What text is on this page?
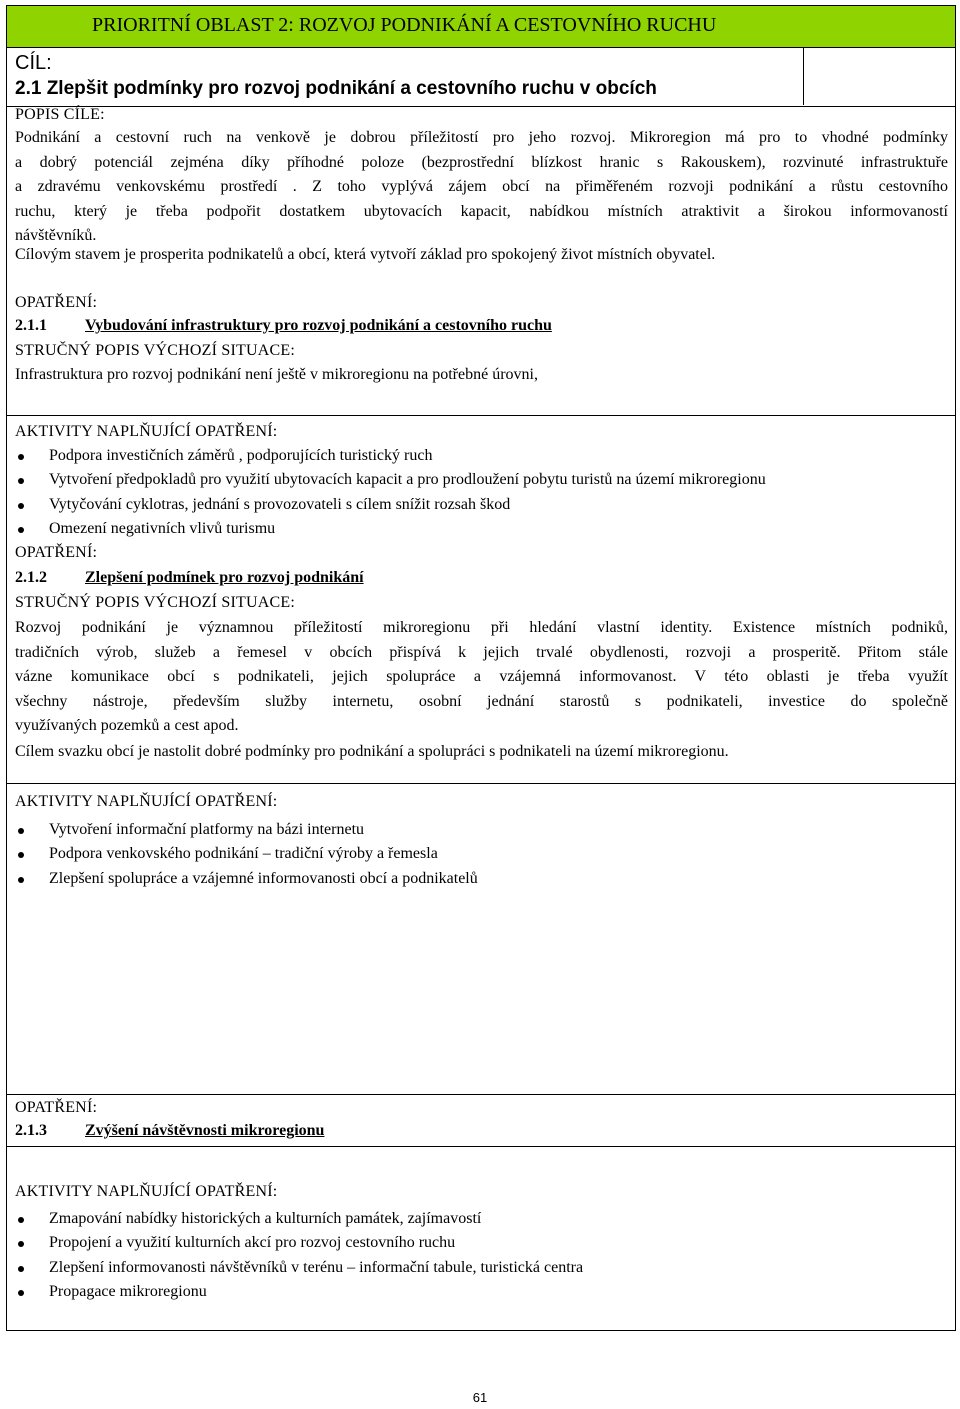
PRIORITNÍ OBLAST 2: ROZVOJ PODNIKÁNÍ A CESTOVNÍHO RUCHU
CÍL:
2.1 Zlepšit podmínky pro rozvoj podnikání a cestovního ruchu v obcích
POPIS CÍLE:
Podnikání a cestovní ruch na venkově je dobrou příležitostí pro jeho rozvoj. Mikroregion má pro to vhodné podmínky
a dobrý potenciál zejména díky příhodné poloze (bezprostřední blízkost hranic s Rakouskem), rozvinuté infrastruktuře
a zdravému venkovskému prostředí . Z toho vyplývá zájem obcí na přiměřeném rozvoji podnikání a růstu cestovního
ruchu, který je třeba podpořit dostatkem ubytovacích kapacit, nabídkou místních atraktivit a širokou informovaností
návštěvníků.
Cílovým stavem je prosperita podnikatelů a obcí, která vytvoří základ pro spokojený život místních obyvatel.
OPATŘENÍ:
2.1.1 Vybudování infrastruktury pro rozvoj podnikání a cestovního ruchu
STRUČNÝ POPIS VÝCHOZÍ SITUACE:
Infrastruktura pro rozvoj podnikání není ještě v mikroregionu na potřebné úrovni,
AKTIVITY NAPLŇUJÍCÍ OPATŘENÍ:
Podpora investičních záměrů , podporujících turistický ruch
Vytvoření předpokladů pro využití ubytovacích kapacit a pro prodloužení pobytu turistů na území mikroregionu
Vytyčování cyklotras, jednání s provozovateli s cílem snížit rozsah škod
Omezení negativních vlivů turismu
OPATŘENÍ:
2.1.2 Zlepšení podmínek pro rozvoj podnikání
STRUČNÝ POPIS VÝCHOZÍ SITUACE:
Rozvoj podnikání je významnou příležitostí mikroregionu při hledání vlastní identity. Existence místních podniků,
tradičních výrob, služeb a řemesel v obcích přispívá k jejich trvalé obydlenosti, rozvoji a prosperitě. Přitom stále
vázne komunikace obcí s podnikateli, jejich spolupráce a vzájemná informovanost. V této oblasti je třeba využít
všechny nástroje, především služby internetu, osobní jednání starostů s podnikateli, investice do společně
využívaných pozemků a cest apod.
Cílem svazku obcí je nastolit dobré podmínky pro podnikání a spolupráci s podnikateli na území mikroregionu.
AKTIVITY NAPLŇUJÍCÍ OPATŘENÍ:
Vytvoření informační platformy na bázi internetu
Podpora venkovského podnikání – tradiční výroby a řemesla
Zlepšení spolupráce a vzájemné informovanosti obcí a podnikatelů
OPATŘENÍ:
2.1.3 Zvýšení návštěvnosti mikroregionu
AKTIVITY NAPLŇUJÍCÍ OPATŘENÍ:
Zmapování nabídky historických a kulturních památek, zajímavostí
Propojení a využití kulturních akcí pro rozvoj cestovního ruchu
Zlepšení informovanosti návštěvníků v terénu – informační tabule, turistická centra
Propagace mikroregionu
61
